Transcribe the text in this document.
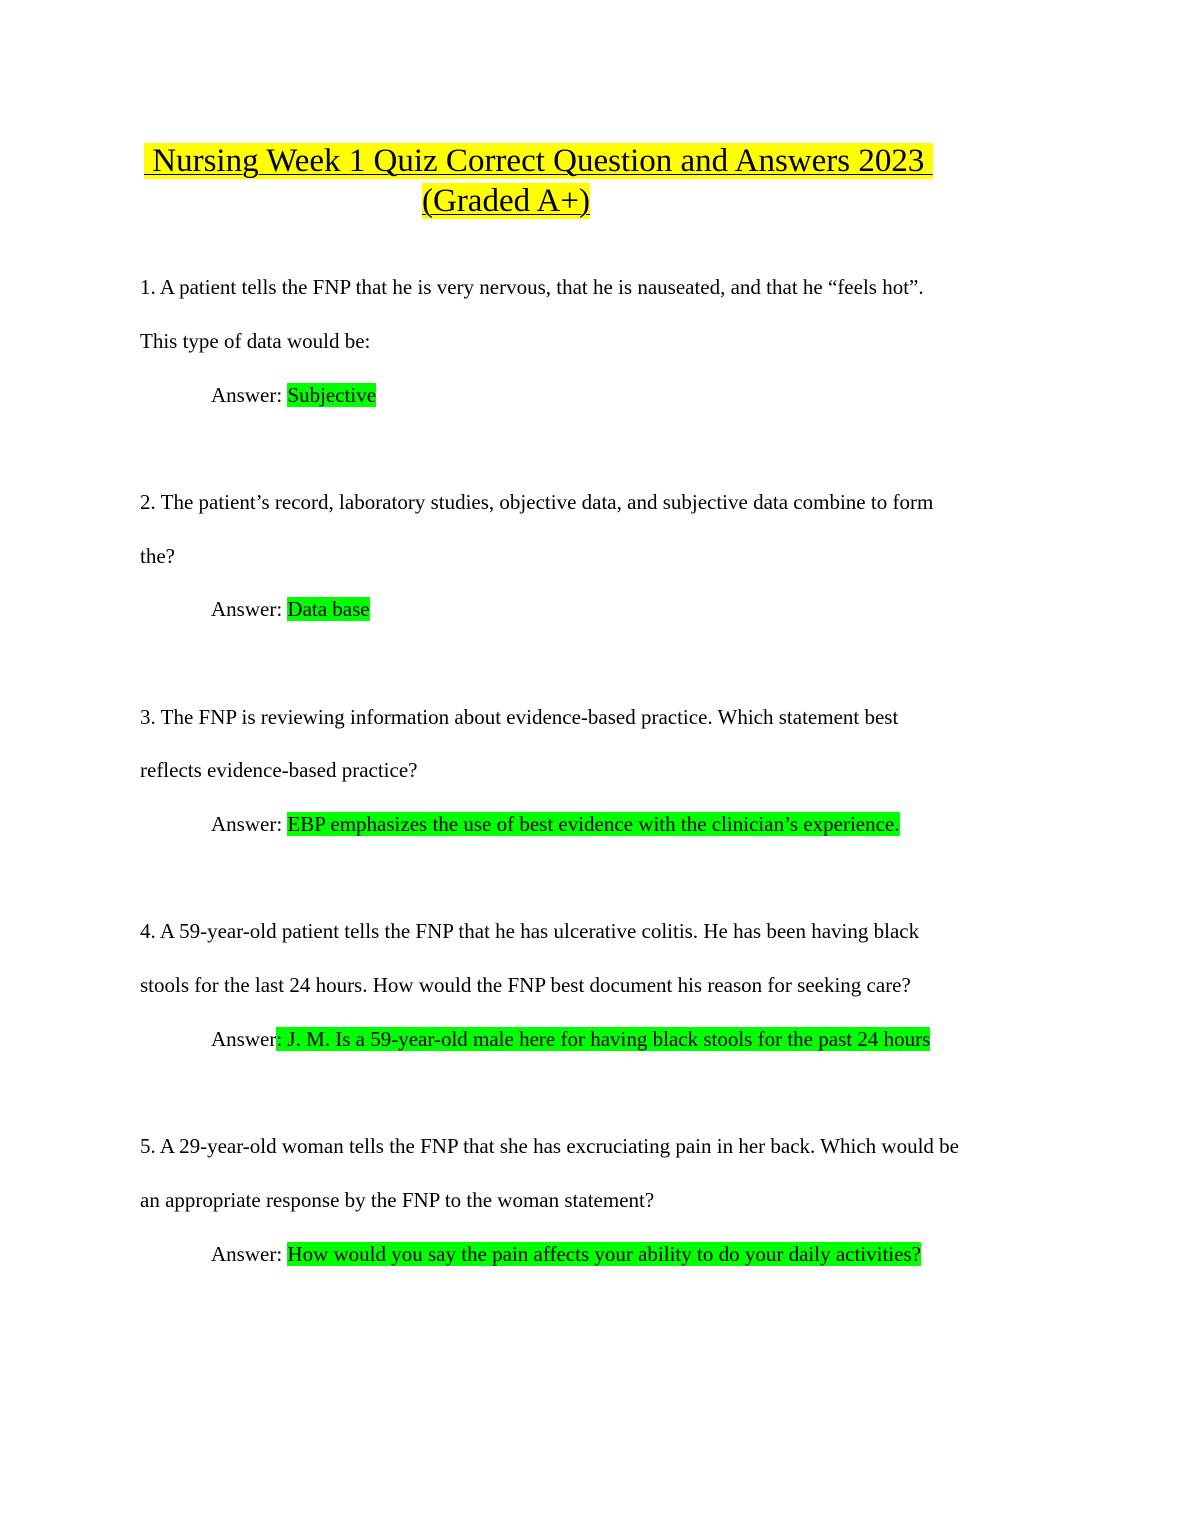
Nursing Week 1 Quiz Correct Question and Answers 2023
(Graded A+)
1. A patient tells the FNP that he is very nervous, that he is nauseated, and that he “feels hot”.
This type of data would be:
Answer: Subjective
2. The patient’s record, laboratory studies, objective data, and subjective data combine to form
the?
Answer: Data base
3. The FNP is reviewing information about evidence-based practice. Which statement best
reflects evidence-based practice?
Answer: EBP emphasizes the use of best evidence with the clinician’s experience.
4. A 59-year-old patient tells the FNP that he has ulcerative colitis. He has been having black
stools for the last 24 hours. How would the FNP best document his reason for seeking care?
Answer: J. M. Is a 59-year-old male here for having black stools for the past 24 hours
5. A 29-year-old woman tells the FNP that she has excruciating pain in her back. Which would be
an appropriate response by the FNP to the woman statement?
Answer: How would you say the pain affects your ability to do your daily activities?
